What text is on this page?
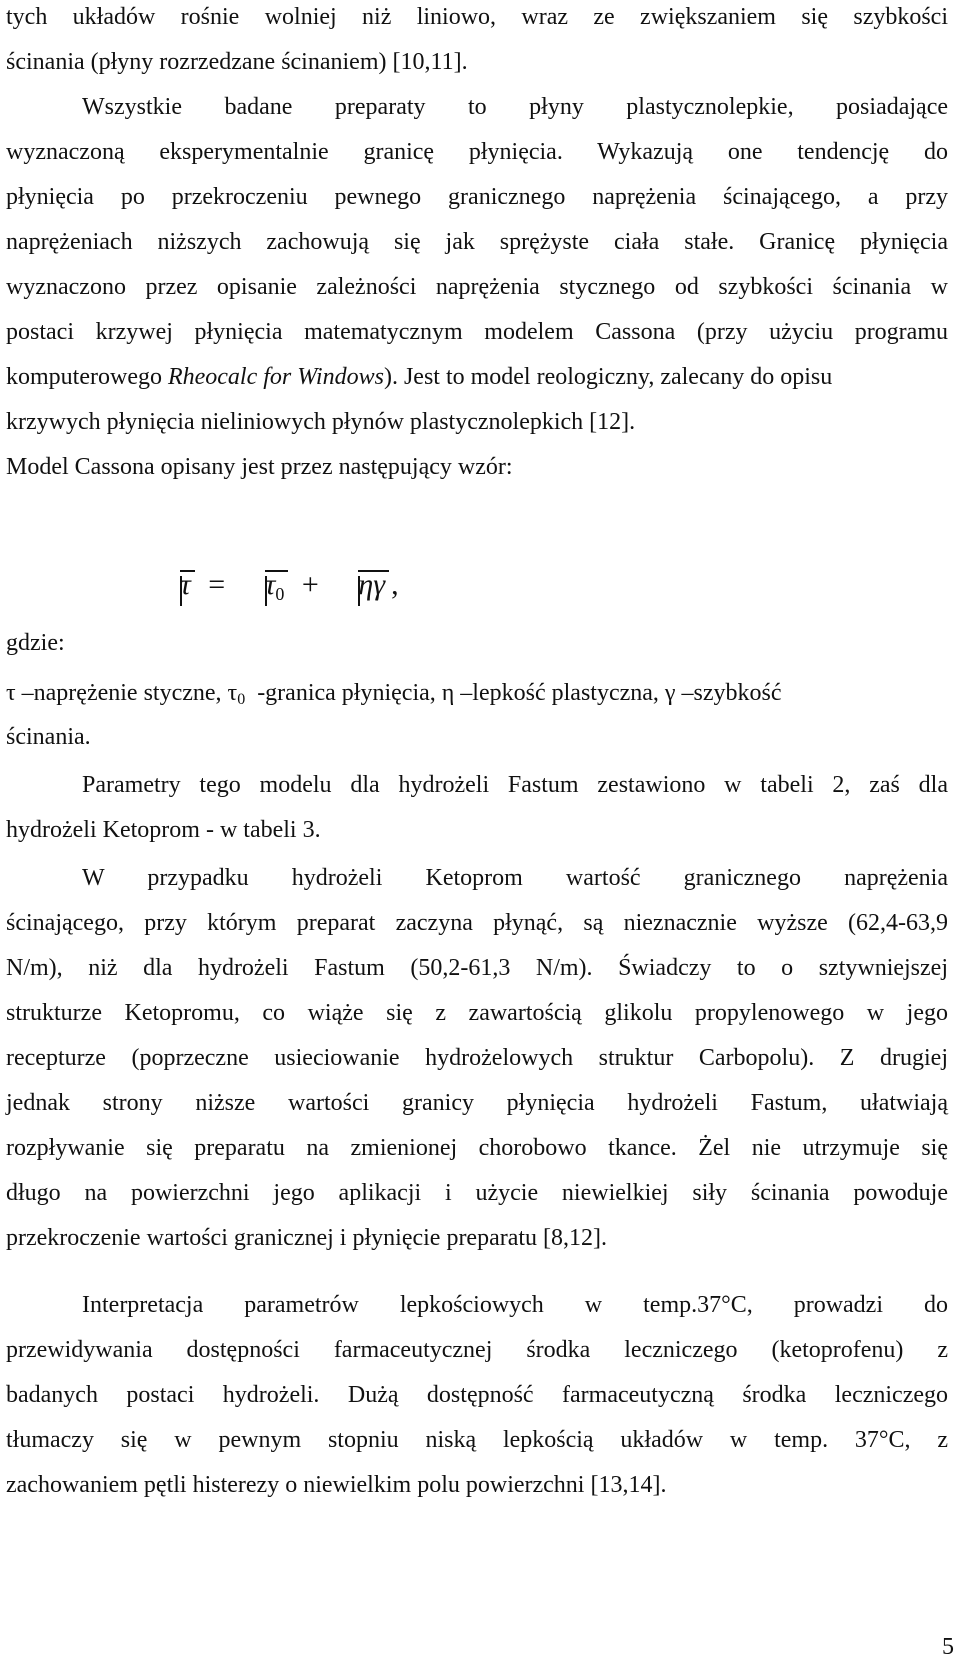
tych układów rośnie wolniej niż liniowo, wraz ze zwiększaniem się szybkości
ścinania (płyny rozrzedzane ścinaniem) [10,11].
Wszystkie badane preparaty to płyny plastycznolepkie, posiadające
wyznaczoną eksperymentalnie granicę płynięcia. Wykazują one tendencję do
płynięcia po przekroczeniu pewnego granicznego naprężenia ścinającego, a przy
naprężeniach niższych zachowują się jak sprężyste ciała stałe. Granicę płynięcia
wyznaczono przez opisanie zależności naprężenia stycznego od szybkości ścinania w
postaci krzywej płynięcia matematycznym modelem Cassona (przy użyciu programu
komputerowego Rheocalc for Windows). Jest to model reologiczny, zalecany do opisu
krzywych płynięcia nieliniowych płynów plastycznolepkich [12].
Model Cassona opisany jest przez następujący wzór:
$\tau = \tau_0 + \eta\gamma$ ,
gdzie:
τ –naprężenie styczne, τ0 -granica płynięcia, η –lepkość plastyczna, γ –szybkość
ścinania.
Parametry tego modelu dla hydrożeli Fastum zestawiono w tabeli 2, zaś dla
hydrożeli Ketoprom - w tabeli 3.
W przypadku hydrożeli Ketoprom wartość granicznego naprężenia
ścinającego, przy którym preparat zaczyna płynąć, są nieznacznie wyższe (62,4-63,9
N/m), niż dla hydrożeli Fastum (50,2-61,3 N/m). Świadczy to o sztywniejszej
strukturze Ketopromu, co wiąże się z zawartością glikolu propylenowego w jego
recepturze (poprzeczne usieciowanie hydrożelowych struktur Carbopolu). Z drugiej
jednak strony niższe wartości granicy płynięcia hydrożeli Fastum, ułatwiają
rozpływanie się preparatu na zmienionej chorobowo tkance. Żel nie utrzymuje się
długo na powierzchni jego aplikacji i użycie niewielkiej siły ścinania powoduje
przekroczenie wartości granicznej i płynięcie preparatu [8,12].
Interpretacja parametrów lepkościowych w temp.37°C, prowadzi do
przewidywania dostępności farmaceutycznej środka leczniczego (ketoprofenu) z
badanych postaci hydrożeli. Dużą dostępność farmaceutyczną środka leczniczego
tłumaczy się w pewnym stopniu niską lepkością układów w temp. 37°C, z
zachowaniem pętli histerezy o niewielkim polu powierzchni [13,14].
5
